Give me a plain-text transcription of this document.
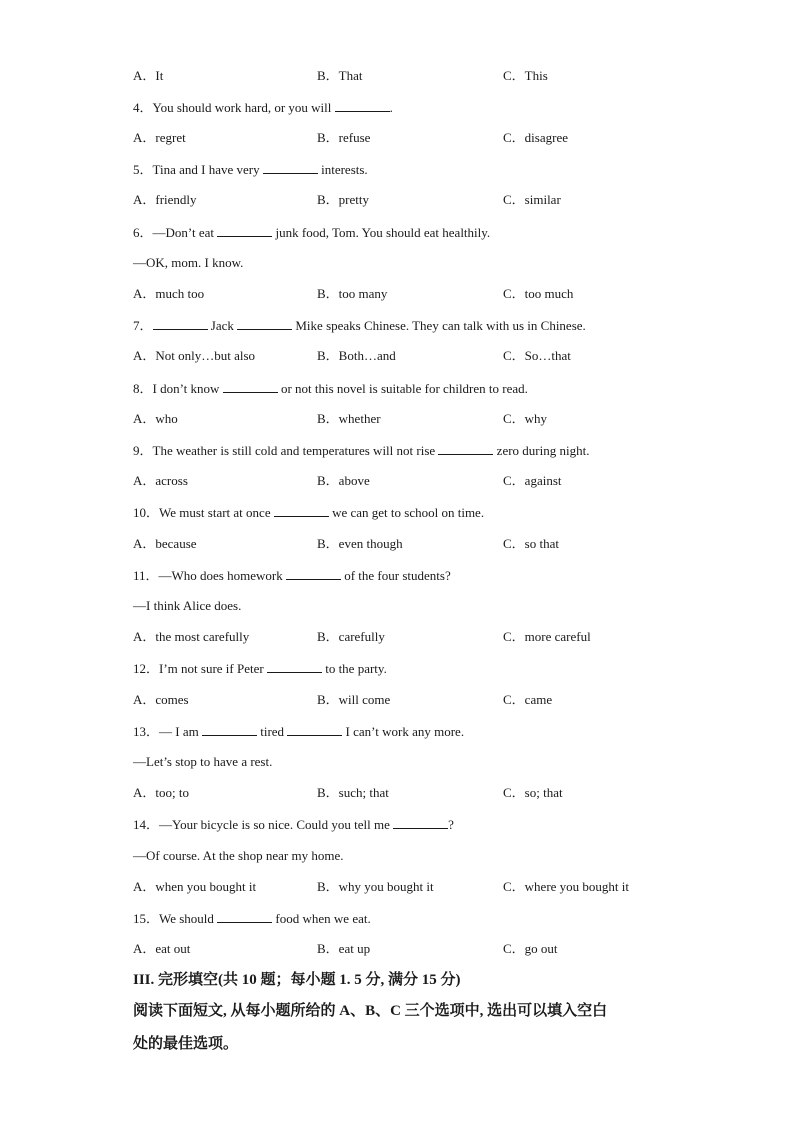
A．It	B．That	C．This
4．You should work hard, or you will	.
A．regret	B．refuse	C．disagree
5．Tina and I have very	interests.
A．friendly	B．pretty	C．similar
6．—Don’t eat	junk food, Tom. You should eat healthily.
—OK, mom. I know.
A．much too	B．too many	C．too much
7．	Jack	Mike speaks Chinese. They can talk with us in Chinese.
A．Not only…but also	B．Both…and	C．So…that
8．I don’t know	or not this novel is suitable for children to read.
A．who	B．whether	C．why
9．The weather is still cold and temperatures will not rise	zero during night.
A．across	B．above	C．against
10．We must start at once	we can get to school on time.
A．because	B．even though	C．so that
11．—Who does homework	of the four students?
—I think Alice does.
A．the most carefully	B．carefully	C．more careful
12．I’m not sure if Peter	to the party.
A．comes	B．will come	C．came
13．— I am	tired	I can’t work any more.
—Let’s stop to have a rest.
A．too; to	B．such; that	C．so; that
14．—Your bicycle is so nice. Could you tell me	?
—Of course. At the shop near my home.
A．when you bought it	B．why you bought it	C．where you bought it
15．We should	food when we eat.
A．eat out	B．eat up	C．go out
III. 完形填空(共 10 题；每小题 1. 5 分, 满分 15 分)
阅读下面短文, 从每小题所给的 A、B、C 三个选项中, 选出可以填入空白
处的最佳选项。
